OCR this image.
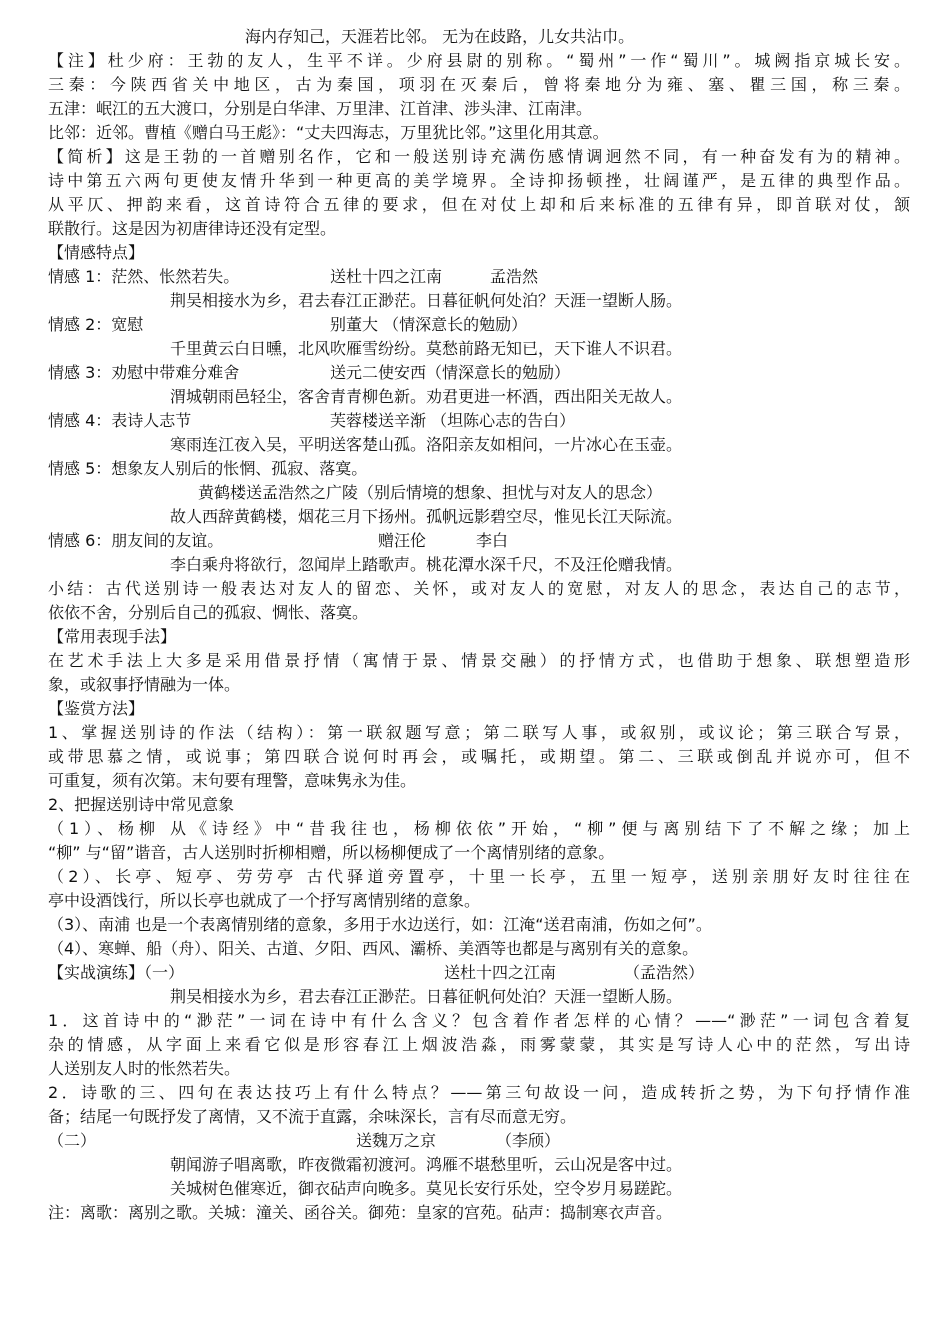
海内存知己，天涯若比邻。 无为在歧路，儿女共沾巾。

【注】杜少府：王勃的友人，生平不详。少府县尉的别称。“蜀州”一作“蜀川”。城阙指京城长安。

三秦：今陕西省关中地区，古为秦国，项羽在灭秦后，曾将秦地分为雍、塞、瞿三国，称三秦。

五津：岷江的五大渡口，分别是白华津、万里津、江首津、涉头津、江南津。

比邻：近邻。曹植《赠白马王彪》：“丈夫四海志，万里犹比邻。”这里化用其意。

【简析】这是王勃的一首赠别名作，它和一般送别诗充满伤感情调迥然不同，有一种奋发有为的精神。

诗中第五六两句更使友情升华到一种更高的美学境界。全诗抑扬顿挫，壮阔谨严，是五律的典型作品。

从平仄、押韵来看，这首诗符合五律的要求，但在对仗上却和后来标准的五律有异，即首联对仗，颔

联散行。这是因为初唐律诗还没有定型。

【情感特点】

情感 1：茫然、怅然若失。	送杜十四之江南	孟浩然

荆吴相接水为乡，君去春江正渺茫。日暮征帆何处泊？天涯一望断人肠。

情感 2：宽慰	别董大 （情深意长的勉励）

千里黄云白日曛，北风吹雁雪纷纷。莫愁前路无知已，天下谁人不识君。

情感 3：劝慰中带难分难舍	送元二使安西（情深意长的勉励）

渭城朝雨邑轻尘，客舍青青柳色新。劝君更进一杯酒，西出阳关无故人。

情感 4：表诗人志节	芙蓉楼送辛渐 （坦陈心志的告白）

寒雨连江夜入吴，平明送客楚山孤。洛阳亲友如相问，一片冰心在玉壶。

情感 5：想象友人别后的怅惘、孤寂、落寞。

黄鹤楼送孟浩然之广陵（别后情境的想象、担忧与对友人的思念）

故人西辞黄鹤楼，烟花三月下扬州。孤帆远影碧空尽，惟见长江天际流。

情感 6：朋友间的友谊。	赠汪伦	李白

李白乘舟将欲行，忽闻岸上踏歌声。桃花潭水深千尺，不及汪伦赠我情。

小结：古代送别诗一般表达对友人的留恋、关怀，或对友人的宽慰，对友人的思念，表达自己的志节，

依依不舍，分别后自己的孤寂、惆怅、落寞。

【常用表现手法】

在艺术手法上大多是采用借景抒情（寓情于景、情景交融）的抒情方式，也借助于想象、联想塑造形

象，或叙事抒情融为一体。

【鉴赏方法】

1、掌握送别诗的作法（结构）：第一联叙题写意；第二联写人事，或叙别，或议论；第三联合写景，

或带思慕之情，或说事；第四联合说何时再会，或嘱托，或期望。第二、三联或倒乱并说亦可，但不

可重复，须有次第。末句要有理警，意味隽永为佳。

2、把握送别诗中常见意象

（1）、杨柳 从《诗经》中“昔我往也，杨柳依依”开始，“柳”便与离别结下了不解之缘；加上

“柳” 与“留”谐音，古人送别时折柳相赠，所以杨柳便成了一个离情别绪的意象。

（2）、长亭、短亭、劳劳亭 古代驿道旁置亭，十里一长亭，五里一短亭，送别亲朋好友时往往在

亭中设酒饯行，所以长亭也就成了一个抒写离情别绪的意象。

（3）、南浦 也是一个表离情别绪的意象，多用于水边送行，如：江淹“送君南浦，伤如之何”。

（4）、寒蝉、船（舟）、阳关、古道、夕阳、西风、灞桥、美酒等也都是与离别有关的意象。

【实战演练】（一）	送杜十四之江南	（孟浩然）

荆吴相接水为乡，君去春江正渺茫。日暮征帆何处泊？天涯一望断人肠。

1．这首诗中的“渺茫”一词在诗中有什么含义？包含着作者怎样的心情？——“渺茫”一词包含着复

杂的情感，从字面上来看它似是形容春江上烟波浩淼，雨雾蒙蒙，其实是写诗人心中的茫然，写出诗

人送别友人时的怅然若失。

2．诗歌的三、四句在表达技巧上有什么特点？——第三句故设一问，造成转折之势，为下句抒情作准

备；结尾一句既抒发了离情，又不流于直露，余味深长，言有尽而意无穷。

（二）	送魏万之京	（李颀）

朝闻游子唱离歌，昨夜微霜初渡河。鸿雁不堪愁里听，云山况是客中过。

关城树色催寒近，御衣砧声向晚多。莫见长安行乐处，空令岁月易蹉跎。

注：离歌：离别之歌。关城：潼关、函谷关。御苑：皇家的宫苑。砧声：捣制寒衣声音。
